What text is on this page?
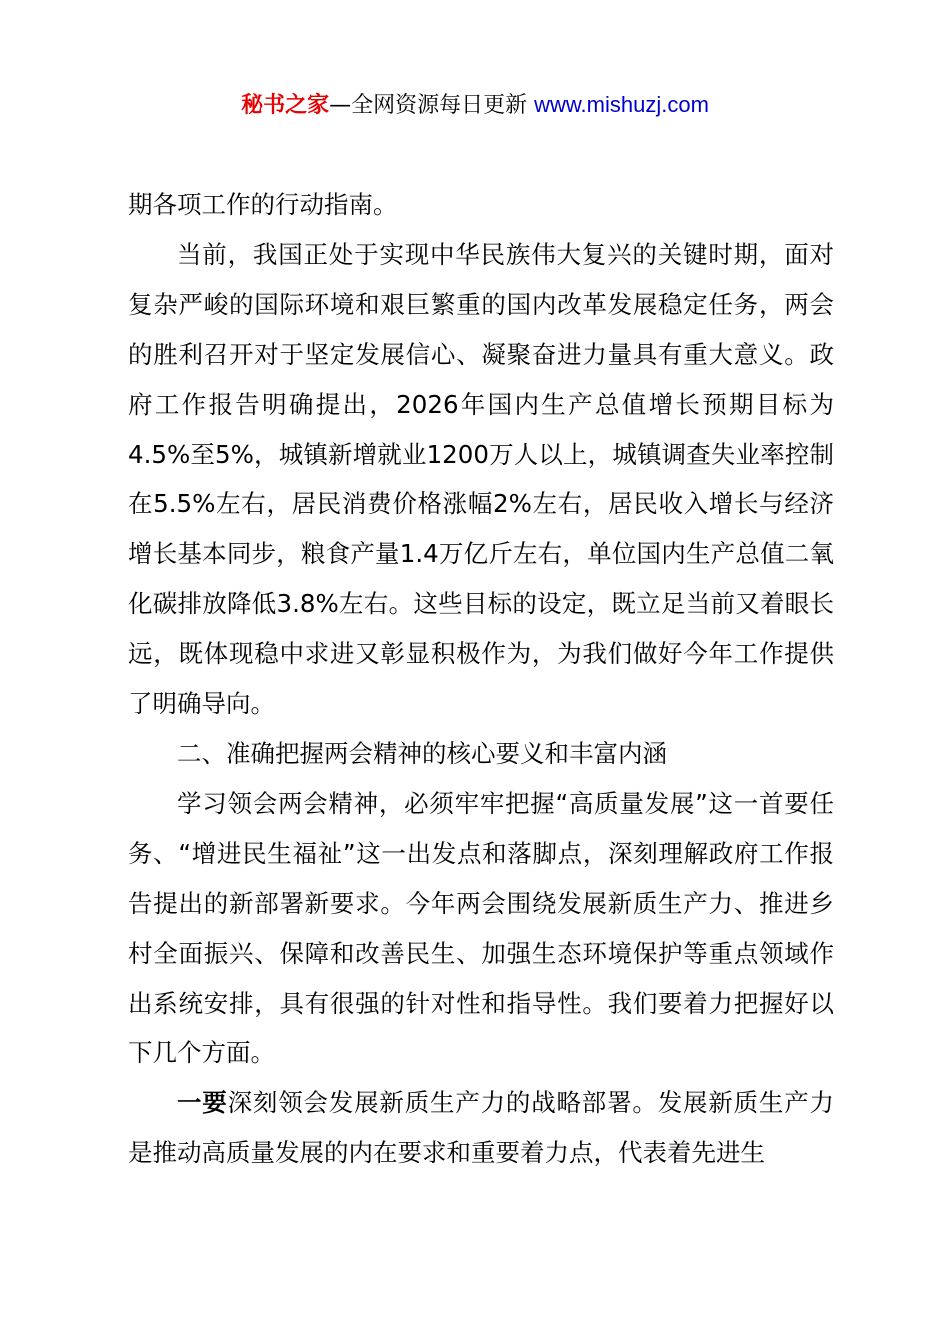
秘书之家—全网资源每日更新 www.mishuzj.com

期各项工作的行动指南。

当前，我国正处于实现中华民族伟大复兴的关键时期，面对复杂严峻的国际环境和艰巨繁重的国内改革发展稳定任务，两会的胜利召开对于坚定发展信心、凝聚奋进力量具有重大意义。政府工作报告明确提出，2026年国内生产总值增长预期目标为4.5%至5%，城镇新增就业1200万人以上，城镇调查失业率控制在5.5%左右，居民消费价格涨幅2%左右，居民收入增长与经济增长基本同步，粮食产量1.4万亿斤左右，单位国内生产总值二氧化碳排放降低3.8%左右。这些目标的设定，既立足当前又着眼长远，既体现稳中求进又彰显积极作为，为我们做好今年工作提供了明确导向。

二、准确把握两会精神的核心要义和丰富内涵

学习领会两会精神，必须牢牢把握“高质量发展”这一首要任务、“增进民生福祉”这一出发点和落脚点，深刻理解政府工作报告提出的新部署新要求。今年两会围绕发展新质生产力、推进乡村全面振兴、保障和改善民生、加强生态环境保护等重点领域作出系统安排，具有很强的针对性和指导性。我们要着力把握好以下几个方面。

一要深刻领会发展新质生产力的战略部署。发展新质生产力是推动高质量发展的内在要求和重要着力点，代表着先进生
